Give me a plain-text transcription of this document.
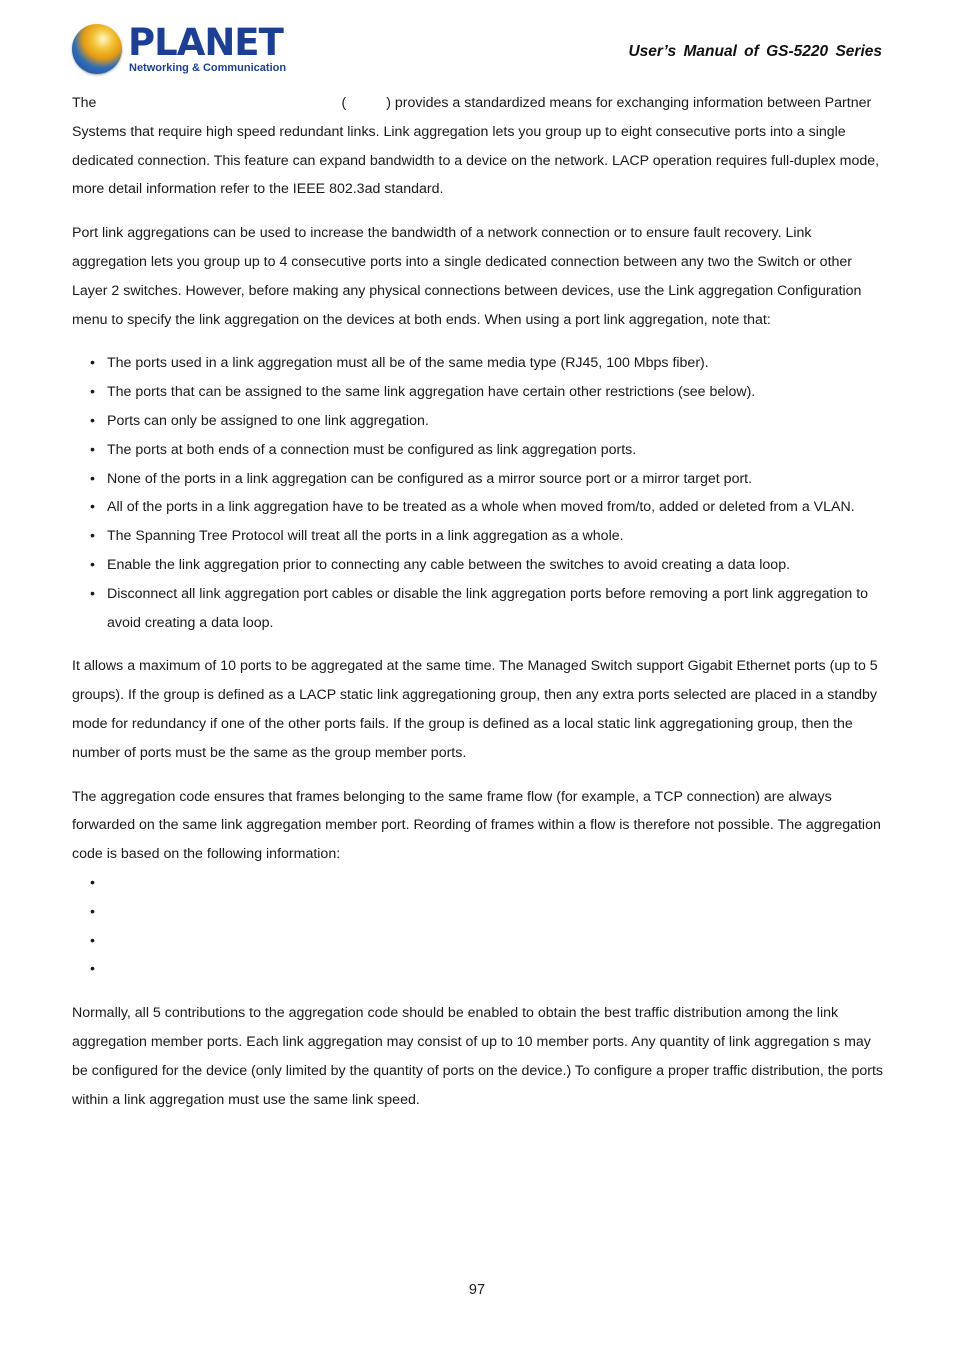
PLANET
Networking & Communication
User’s Manual of GS-5220 Series

The	(	) provides a standardized means for exchanging information between Partner Systems that require high speed redundant links. Link aggregation lets you group up to eight consecutive ports into a single dedicated connection. This feature can expand bandwidth to a device on the network. LACP operation requires full-duplex mode, more detail information refer to the IEEE 802.3ad standard.

Port link aggregations can be used to increase the bandwidth of a network connection or to ensure fault recovery. Link aggregation lets you group up to 4 consecutive ports into a single dedicated connection between any two the Switch or other Layer 2 switches. However, before making any physical connections between devices, use the Link aggregation Configuration menu to specify the link aggregation on the devices at both ends. When using a port link aggregation, note that:

• The ports used in a link aggregation must all be of the same media type (RJ45, 100 Mbps fiber).
• The ports that can be assigned to the same link aggregation have certain other restrictions (see below).
• Ports can only be assigned to one link aggregation.
• The ports at both ends of a connection must be configured as link aggregation ports.
• None of the ports in a link aggregation can be configured as a mirror source port or a mirror target port.
• All of the ports in a link aggregation have to be treated as a whole when moved from/to, added or deleted from a VLAN.
• The Spanning Tree Protocol will treat all the ports in a link aggregation as a whole.
• Enable the link aggregation prior to connecting any cable between the switches to avoid creating a data loop.
• Disconnect all link aggregation port cables or disable the link aggregation ports before removing a port link aggregation to avoid creating a data loop.

It allows a maximum of 10 ports to be aggregated at the same time. The Managed Switch support Gigabit Ethernet ports (up to 5 groups). If the group is defined as a LACP static link aggregationing group, then any extra ports selected are placed in a standby mode for redundancy if one of the other ports fails. If the group is defined as a local static link aggregationing group, then the number of ports must be the same as the group member ports.

The aggregation code ensures that frames belonging to the same frame flow (for example, a TCP connection) are always forwarded on the same link aggregation member port. Reording of frames within a flow is therefore not possible. The aggregation code is based on the following information:

•

•

•

•

Normally, all 5 contributions to the aggregation code should be enabled to obtain the best traffic distribution among the link aggregation member ports. Each link aggregation may consist of up to 10 member ports. Any quantity of link aggregation s may be configured for the device (only limited by the quantity of ports on the device.) To configure a proper traffic distribution, the ports within a link aggregation must use the same link speed.

97
